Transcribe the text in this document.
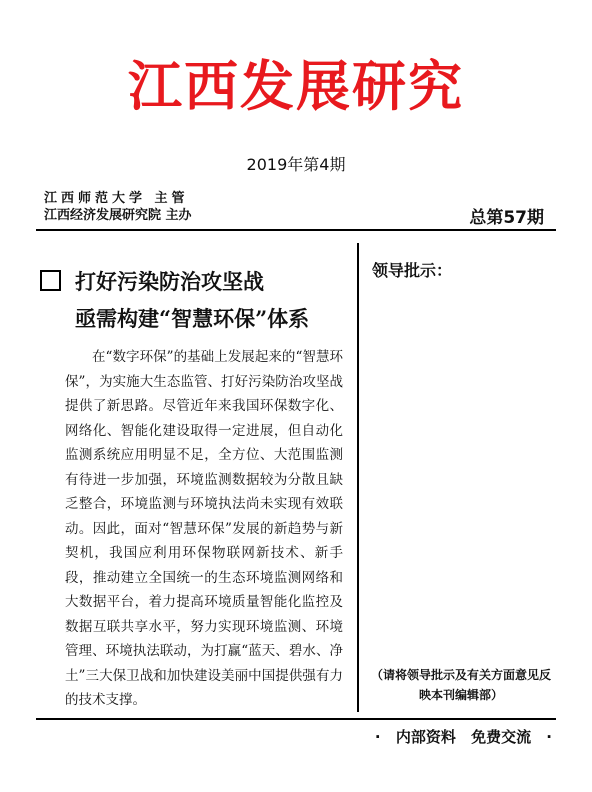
江西发展研究
2019年第4期
江西师范大学 主管
江西经济发展研究院 主办	总第57期
打好污染防治攻坚战
亟需构建“智慧环保”体系
在“数字环保”的基础上发展起来的“智慧环保”，为实施大生态监管、打好污染防治攻坚战提供了新思路。尽管近年来我国环保数字化、网络化、智能化建设取得一定进展，但自动化监测系统应用明显不足，全方位、大范围监测有待进一步加强，环境监测数据较为分散且缺乏整合，环境监测与环境执法尚未实现有效联动。因此，面对“智慧环保”发展的新趋势与新契机，我国应利用环保物联网新技术、新手段，推动建立全国统一的生态环境监测网络和大数据平台，着力提高环境质量智能化监控及数据互联共享水平，努力实现环境监测、环境管理、环境执法联动，为打赢“蓝天、碧水、净土”三大保卫战和加快建设美丽中国提供强有力的技术支撑。
领导批示：
（请将领导批示及有关方面意见反映本刊编辑部）
· 内部资料 免费交流 ·
